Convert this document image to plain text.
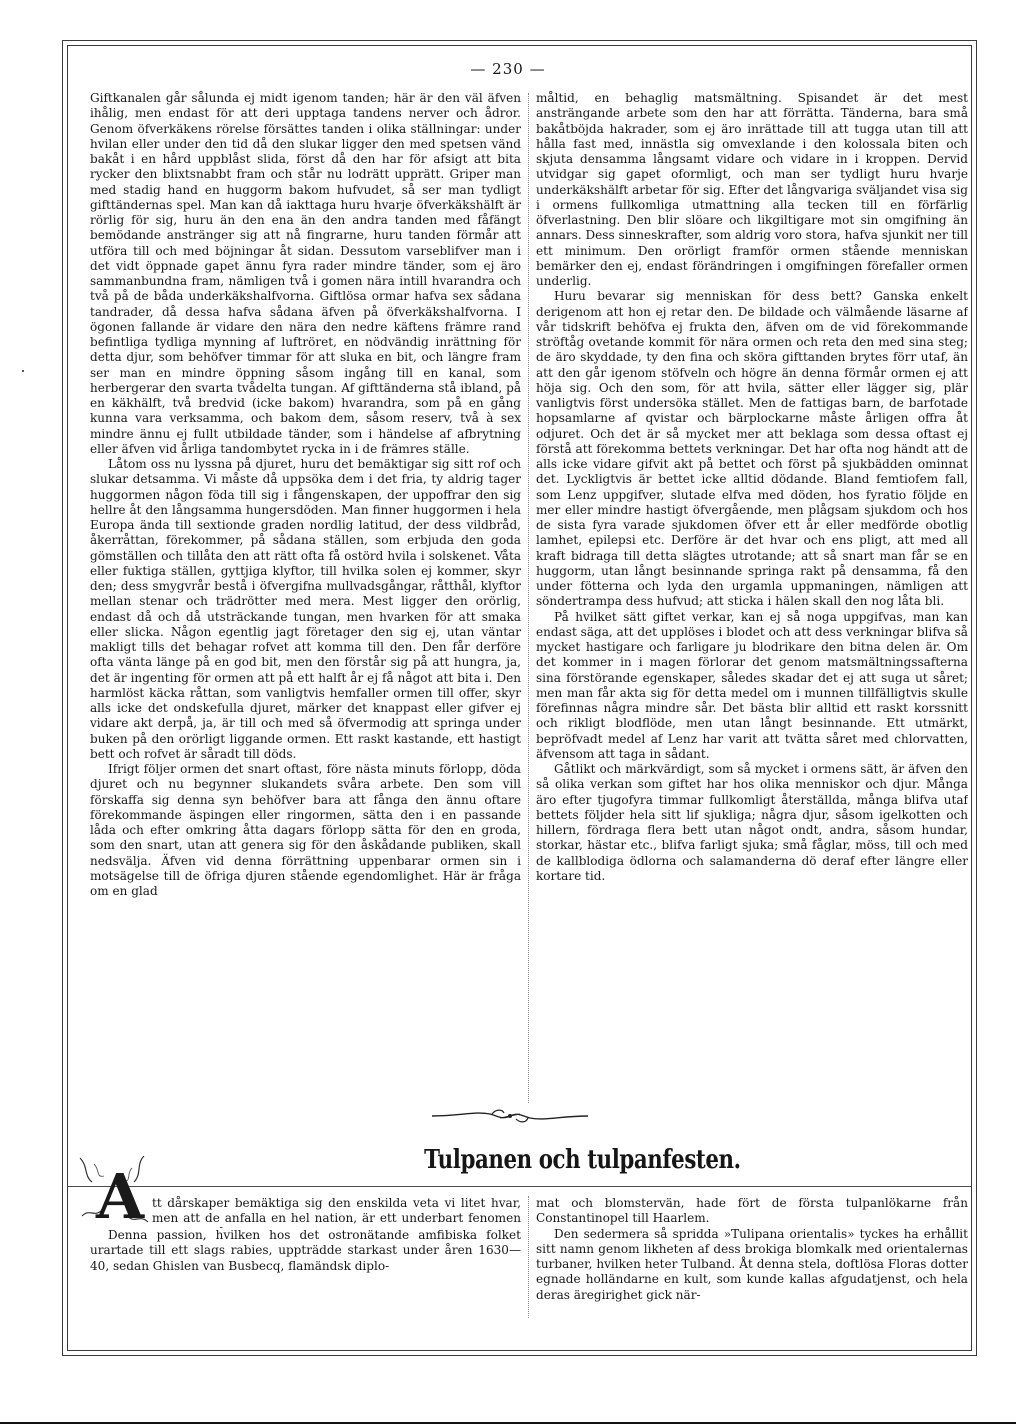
— 230 —

Giftkanalen går sålunda ej midt igenom tanden; här är den väl äfven ihålig, men endast för att deri upptaga tandens nerver och ådror. Genom öfverkäkens rörelse försättes tanden i olika ställningar: under hvilan eller under den tid då den slukar ligger den med spetsen vänd bakåt i en hård uppblåst slida, först då den har för afsigt att bita rycker den blixtsnabbt fram och står nu lodrätt upprätt. Griper man med stadig hand en huggorm bakom hufvudet, så ser man tydligt gifttändernas spel. Man kan då iakttaga huru hvarje öfverkäkshälft är rörlig för sig, huru än den ena än den andra tanden med fåfängt bemödande anstränger sig att nå fingrarne, huru tanden förmår att utföra till och med böjningar åt sidan. Dessutom varseblifver man i det vidt öppnade gapet ännu fyra rader mindre tänder, som ej äro sammanbundna fram, nämligen två i gomen nära intill hvarandra och två på de båda underkäkshalfvorna. Giftlösa ormar hafva sex sådana tandrader, då dessa hafva sådana äfven på öfverkäkshalfvorna. I ögonen fallande är vidare den nära den nedre käftens främre rand befintliga tydliga mynning af luftröret, en nödvändig inrättning för detta djur, som behöfver timmar för att sluka en bit, och längre fram ser man en mindre öppning såsom ingång till en kanal, som herbergerar den svarta tvådelta tungan. Af gifttänderna stå ibland, på en käkhälft, två bredvid (icke bakom) hvarandra, som på en gång kunna vara verksamma, och bakom dem, såsom reserv, två à sex mindre ännu ej fullt utbildade tänder, som i händelse af afbrytning eller äfven vid årliga tandombytet rycka in i de främres ställe.

Låtom oss nu lyssna på djuret, huru det bemäktigar sig sitt rof och slukar detsamma. Vi måste då uppsöka dem i det fria, ty aldrig tager huggormen någon föda till sig i fångenskapen, der uppoffrar den sig hellre åt den långsamma hungersdöden. Man finner huggormen i hela Europa ända till sextionde graden nordlig latitud, der dess vildbråd, åkerråttan, förekommer, på sådana ställen, som erbjuda den goda gömställen och tillåta den att rätt ofta få ostörd hvila i solskenet. Våta eller fuktiga ställen, gyttjiga klyftor, till hvilka solen ej kommer, skyr den; dess smygvrår bestå i öfvergifna mullvadsgångar, råtthål, klyftor mellan stenar och trädrötter med mera. Mest ligger den orörlig, endast då och då utsträckande tungan, men hvarken för att smaka eller slicka. Någon egentlig jagt företager den sig ej, utan väntar makligt tills det behagar rofvet att komma till den. Den får derföre ofta vänta länge på en god bit, men den förstår sig på att hungra, ja, det är ingenting för ormen att på ett halft år ej få något att bita i. Den harmlöst käcka råttan, som vanligtvis hemfaller ormen till offer, skyr alls icke det ondskefulla djuret, märker det knappast eller gifver ej vidare akt derpå, ja, är till och med så öfvermodig att springa under buken på den orörligt liggande ormen. Ett raskt kastande, ett hastigt bett och rofvet är såradt till döds.

Ifrigt följer ormen det snart oftast, före nästa minuts förlopp, döda djuret och nu begynner slukandets svåra arbete. Den som vill förskaffa sig denna syn behöfver bara att fånga den ännu oftare förekommande äspingen eller ringormen, sätta den i en passande låda och efter omkring åtta dagars förlopp sätta för den en groda, som den snart, utan att genera sig för den åskådande publiken, skall nedsvälja. Äfven vid denna förrättning uppenbarar ormen sin i motsägelse till de öfriga djuren stående egendomlighet. Här är fråga om en glad

måltid, en behaglig matsmältning. Spisandet är det mest ansträngande arbete som den har att förrätta. Tänderna, bara små bakåtböjda hakrader, som ej äro inrättade till att tugga utan till att hålla fast med, innästla sig omvexlande i den kolossala biten och skjuta densamma långsamt vidare och vidare in i kroppen. Dervid utvidgar sig gapet oformligt, och man ser tydligt huru hvarje underkäkshälft arbetar för sig. Efter det långvariga sväljandet visa sig i ormens fullkomliga utmattning alla tecken till en förfärlig öfverlastning. Den blir slöare och likgiltigare mot sin omgifning än annars. Dess sinneskrafter, som aldrig voro stora, hafva sjunkit ner till ett minimum. Den orörligt framför ormen stående menniskan bemärker den ej, endast förändringen i omgifningen förefaller ormen underlig.

Huru bevarar sig menniskan för dess bett? Ganska enkelt derigenom att hon ej retar den. De bildade och välmående läsarne af vår tidskrift behöfva ej frukta den, äfven om de vid förekommande ströftåg ovetande kommit för nära ormen och reta den med sina steg; de äro skyddade, ty den fina och sköra gifttanden brytes förr utaf, än att den går igenom stöfveln och högre än denna förmår ormen ej att höja sig. Och den som, för att hvila, sätter eller lägger sig, plär vanligtvis först undersöka stället. Men de fattigas barn, de barfotade hopsamlarne af qvistar och bärplockarne måste årligen offra åt odjuret. Och det är så mycket mer att beklaga som dessa oftast ej förstå att förekomma bettets verkningar. Det har ofta nog händt att de alls icke vidare gifvit akt på bettet och först på sjukbädden ominnat det. Lyckligtvis är bettet icke alltid dödande. Bland femtiofem fall, som Lenz uppgifver, slutade elfva med döden, hos fyratio följde en mer eller mindre hastigt öfvergående, men plågsam sjukdom och hos de sista fyra varade sjukdomen öfver ett år eller medförde obotlig lamhet, epilepsi etc. Derföre är det hvar och ens pligt, att med all kraft bidraga till detta slägtes utrotande; att så snart man får se en huggorm, utan långt besinnande springa rakt på densamma, få den under fötterna och lyda den urgamla uppmaningen, nämligen att söndertrampa dess hufvud; att sticka i hälen skall den nog låta bli.

På hvilket sätt giftet verkar, kan ej så noga uppgifvas, man kan endast säga, att det upplöses i blodet och att dess verkningar blifva så mycket hastigare och farligare ju blodrikare den bitna delen är. Om det kommer in i magen förlorar det genom matsmältningssafterna sina förstörande egenskaper, således skadar det ej att suga ut såret; men man får akta sig för detta medel om i munnen tillfälligtvis skulle förefinnas några mindre sår. Det bästa blir alltid ett raskt korssnitt och rikligt blodflöde, men utan långt besinnande. Ett utmärkt, bepröfvadt medel af Lenz har varit att tvätta såret med chlorvatten, äfvensom att taga in sådant.

Gåtlikt och märkvärdigt, som så mycket i ormens sätt, är äfven den så olika verkan som giftet har hos olika menniskor och djur. Många äro efter tjugofyra timmar fullkomligt återställda, många blifva utaf bettets följder hela sitt lif sjukliga; några djur, såsom igelkotten och hillern, fördraga flera bett utan något ondt, andra, såsom hundar, storkar, hästar etc., blifva farligt sjuka; små fåglar, möss, till och med de kallblodiga ödlorna och salamanderna dö deraf efter längre eller kortare tid.

Tulpanen och tulpanfesten.
A tt dårskaper bemäktiga sig den enskilda veta vi litet hvar, men att de anfalla en hel nation, är ett underbart fenomen

Denna passion, hvilken hos det ostronätande amfibiska folket urartade till ett slags rabies, uppträdde starkast under åren 1630—40, sedan Ghislen van Busbecq, flamändsk diplo-

mat och blomstervän, hade fört de första tulpanlökarne från Constantinopel till Haarlem.

Den sedermera så spridda »Tulipana orientalis» tyckes ha erhållit sitt namn genom likheten af dess brokiga blomkalk med orientalernas turbaner, hvilken heter Tulband. Åt denna stela, doftlösa Floras dotter egnade holländarne en kult, som kunde kallas afgudatjenst, och hela deras äregirighet gick när-
